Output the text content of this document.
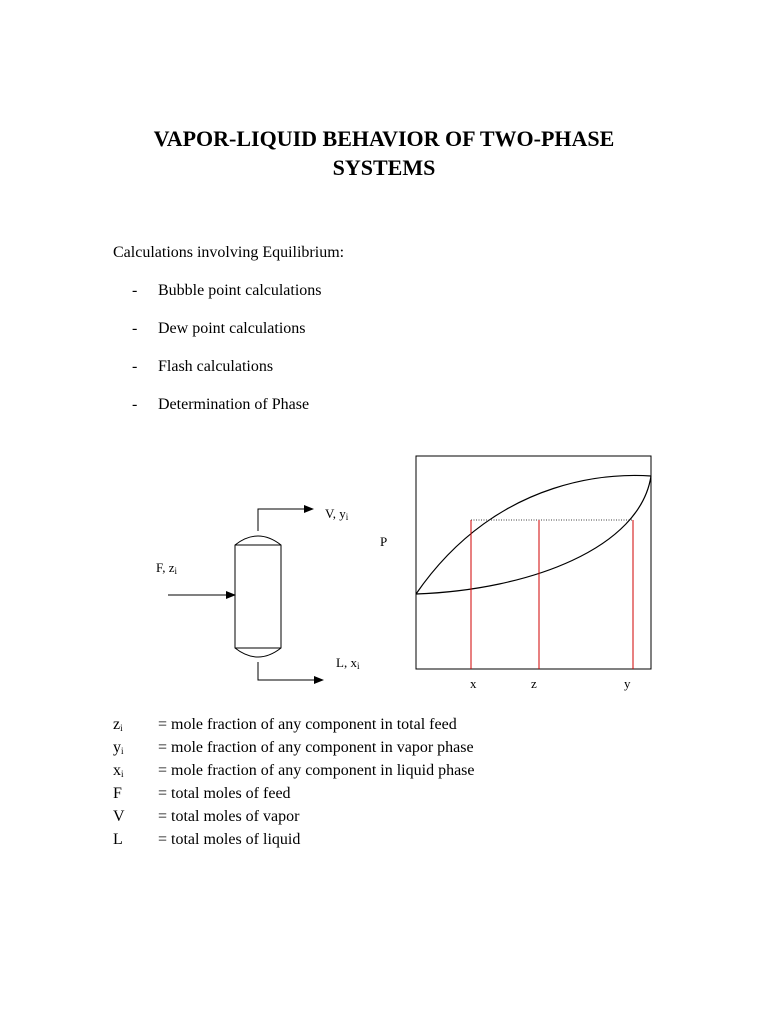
VAPOR-LIQUID BEHAVIOR OF TWO-PHASE
SYSTEMS
Calculations involving Equilibrium:
- Bubble point calculations
- Dew point calculations
- Flash calculations
- Determination of Phase
V, $y_i$
F, $z_i$
L, $x_i$
P
x	z	y
$z_i$	= mole fraction of any component in total feed
$y_i$	= mole fraction of any component in vapor phase
$x_i$	= mole fraction of any component in liquid phase
F	= total moles of feed
V	= total moles of vapor
L	= total moles of liquid
